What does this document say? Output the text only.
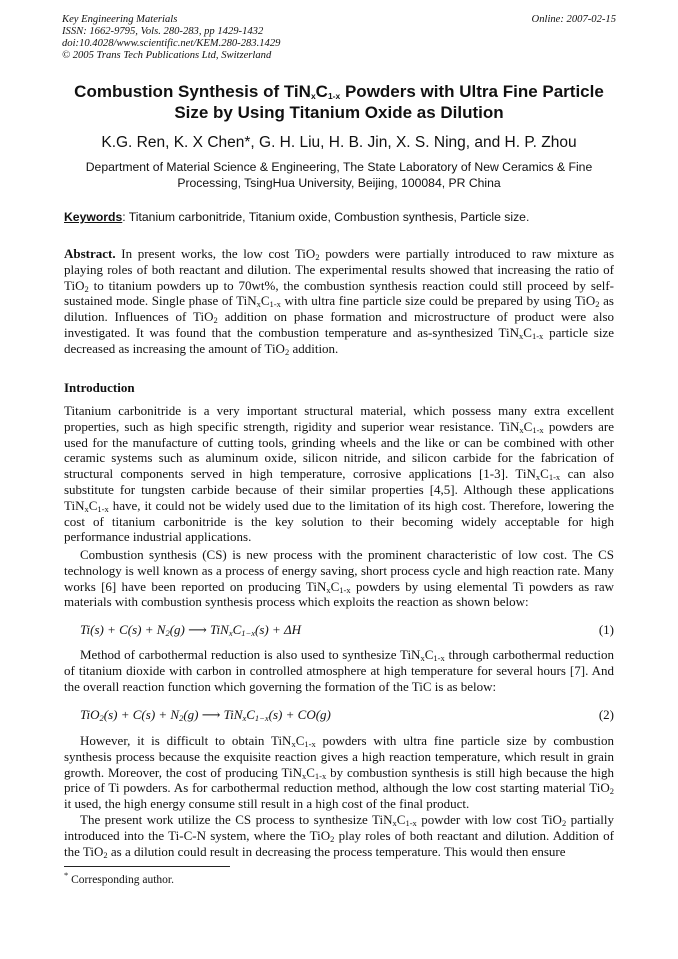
Key Engineering Materials
ISSN: 1662-9795, Vols. 280-283, pp 1429-1432
doi:10.4028/www.scientific.net/KEM.280-283.1429
© 2005 Trans Tech Publications Ltd, Switzerland
Online: 2007-02-15
Combustion Synthesis of $TiN_xC_{1-x}$ Powders with Ultra Fine Particle
Size by Using Titanium Oxide as Dilution
K.G. Ren, K. X Chen*, G. H. Liu, H. B. Jin, X. S. Ning, and H. P. Zhou
Department of Material Science & Engineering, The State Laboratory of New Ceramics & Fine
Processing, TsingHua University, Beijing, 100084, PR China
Keywords: Titanium carbonitride, Titanium oxide, Combustion synthesis, Particle size.
Abstract. In present works, the low cost TiO$_2$ powders were partially introduced to raw mixture as playing roles of both reactant and dilution. The experimental results showed that increasing the ratio of TiO$_2$ to titanium powders up to 70wt%, the combustion synthesis reaction could still proceed by self-sustained mode. Single phase of $TiN_xC_{1-x}$ with ultra fine particle size could be prepared by using TiO$_2$ as dilution. Influences of TiO$_2$ addition on phase formation and microstructure of product were also investigated. It was found that the combustion temperature and as-synthesized $TiN_xC_{1-x}$ particle size decreased as increasing the amount of TiO$_2$ addition.
Introduction
Titanium carbonitride is a very important structural material, which possess many extra excellent properties, such as high specific strength, rigidity and superior wear resistance. $TiN_xC_{1-x}$ powders are used for the manufacture of cutting tools, grinding wheels and the like or can be combined with other ceramic systems such as aluminum oxide, silicon nitride, and silicon carbide for the fabrication of structural components served in high temperature, corrosive applications [1-3]. $TiN_xC_{1-x}$ can also substitute for tungsten carbide because of their similar properties [4,5]. Although these applications $TiN_xC_{1-x}$ have, it could not be widely used due to the limitation of its high cost. Therefore, lowering the cost of titanium carbonitride is the key solution to their becoming widely acceptable for high performance industrial applications.
Combustion synthesis (CS) is new process with the prominent characteristic of low cost. The CS technology is well known as a process of energy saving, short process cycle and high reaction rate. Many works [6] have been reported on producing $TiN_xC_{1-x}$ powders by using elemental Ti powders as raw materials with combustion synthesis process which exploits the reaction as shown below:
$Ti(s) + C(s) + N_2(g)$ ⟶ $TiN_xC_{1-x}(s) + \Delta H$	(1)
Method of carbothermal reduction is also used to synthesize $TiN_xC_{1-x}$ through carbothermal reduction of titanium dioxide with carbon in controlled atmosphere at high temperature for several hours [7]. And the overall reaction function which governing the formation of the TiC is as below:
$TiO_2(s) + C(s) + N_2(g)$ ⟶ $TiN_xC_{1-x}(s) + CO(g)$	(2)
However, it is difficult to obtain $TiN_xC_{1-x}$ powders with ultra fine particle size by combustion synthesis process because the exquisite reaction gives a high reaction temperature, which result in grain growth. Moreover, the cost of producing $TiN_xC_{1-x}$ by combustion synthesis is still high because the high price of Ti powders. As for carbothermal reduction method, although the low cost starting material TiO$_2$ it used, the high energy consume still result in a high cost of the final product.
The present work utilize the CS process to synthesize $TiN_xC_{1-x}$ powder with low cost TiO$_2$ partially introduced into the Ti-C-N system, where the TiO$_2$ play roles of both reactant and dilution. Addition of the TiO$_2$ as a dilution could result in decreasing the process temperature. This would then ensure
* Corresponding author.
